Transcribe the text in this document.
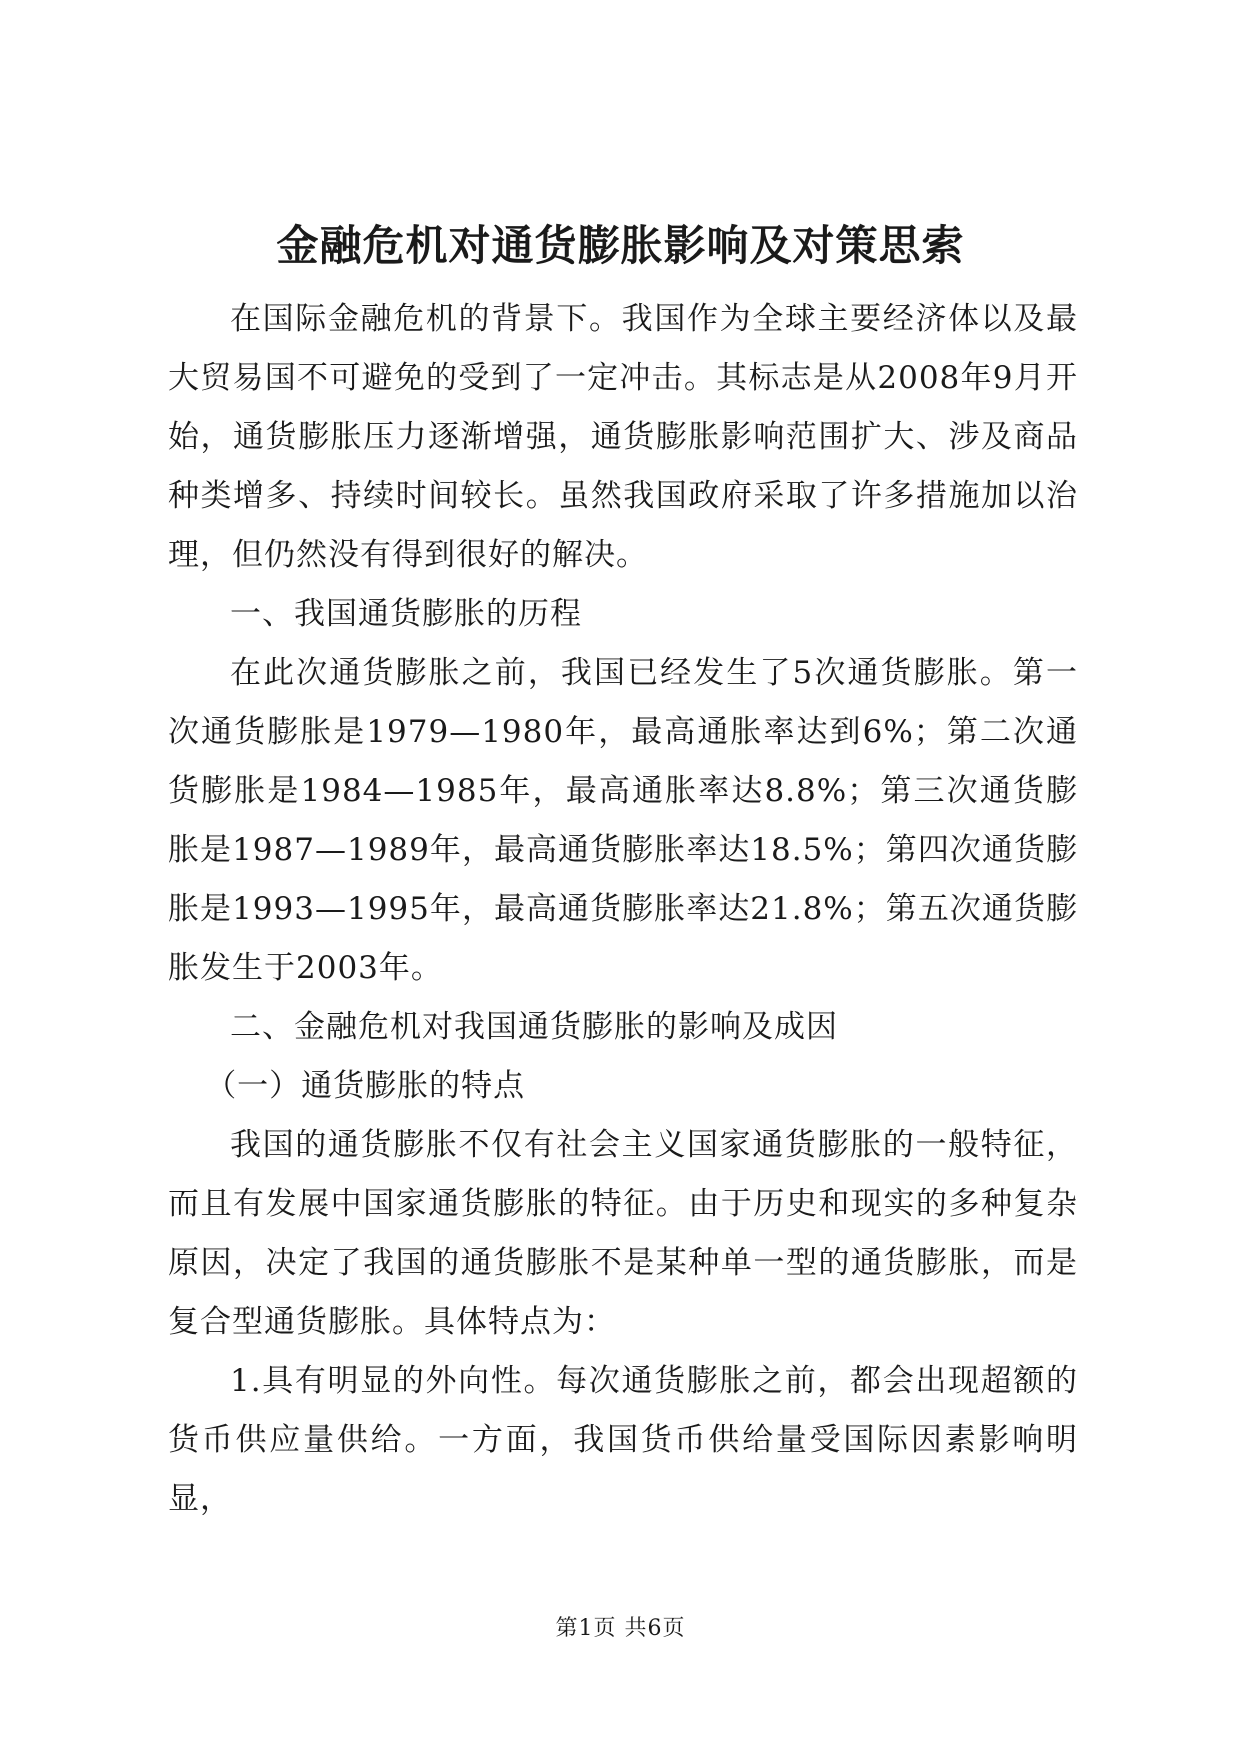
金融危机对通货膨胀影响及对策思索

在国际金融危机的背景下。我国作为全球主要经济体以及最大贸易国不可避免的受到了一定冲击。其标志是从2008年9月开始，通货膨胀压力逐渐增强，通货膨胀影响范围扩大、涉及商品种类增多、持续时间较长。虽然我国政府采取了许多措施加以治理，但仍然没有得到很好的解决。

一、我国通货膨胀的历程

在此次通货膨胀之前，我国已经发生了5次通货膨胀。第一次通货膨胀是1979—1980年，最高通胀率达到6%；第二次通货膨胀是1984—1985年，最高通胀率达8.8%；第三次通货膨胀是1987—1989年，最高通货膨胀率达18.5%；第四次通货膨胀是1993—1995年，最高通货膨胀率达21.8%；第五次通货膨胀发生于2003年。

二、金融危机对我国通货膨胀的影响及成因

（一）通货膨胀的特点

我国的通货膨胀不仅有社会主义国家通货膨胀的一般特征，而且有发展中国家通货膨胀的特征。由于历史和现实的多种复杂原因，决定了我国的通货膨胀不是某种单一型的通货膨胀，而是复合型通货膨胀。具体特点为：

1.具有明显的外向性。每次通货膨胀之前，都会出现超额的货币供应量供给。一方面，我国货币供给量受国际因素影响明显，

第1页 共6页
